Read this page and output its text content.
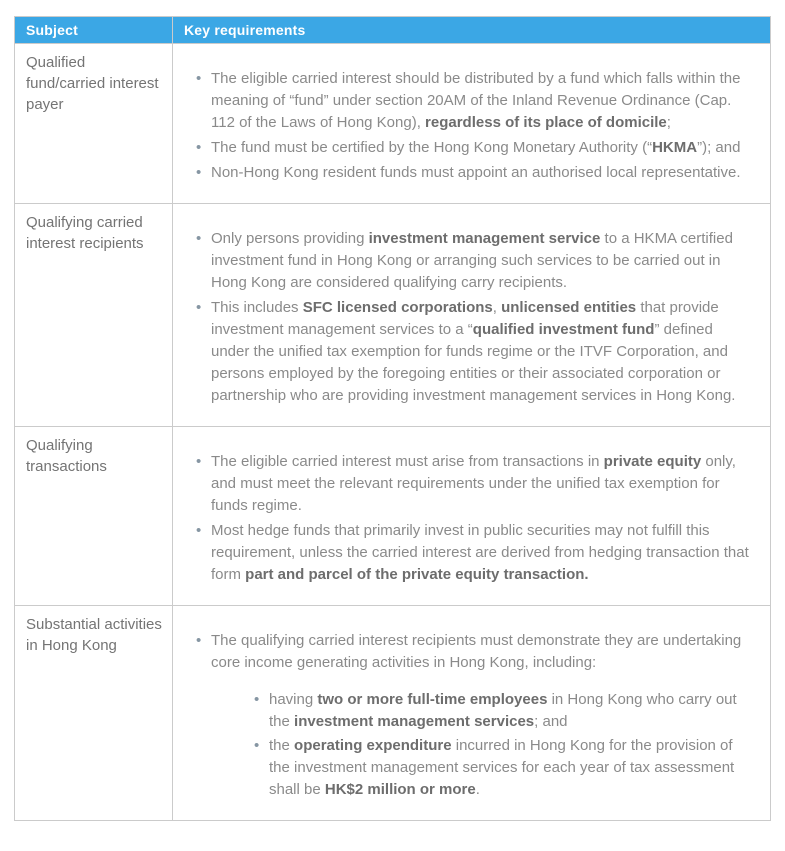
Subject	Key requirements
Qualified fund/carried interest payer	
• The eligible carried interest should be distributed by a fund which falls within the meaning of “fund” under section 20AM of the Inland Revenue Ordinance (Cap. 112 of the Laws of Hong Kong), regardless of its place of domicile;
• The fund must be certified by the Hong Kong Monetary Authority (“HKMA”); and
• Non-Hong Kong resident funds must appoint an authorised local representative.

Qualifying carried interest recipients	
•Only persons providing investment management service to a HKMA certified investment fund in Hong Kong or arranging such services to be carried out in Hong Kong are considered qualifying carry recipients.
• This includes SFC licensed corporations, unlicensed entities that provide investment management services to a “qualified investment fund” defined under the unified tax exemption for funds regime or the ITVF Corporation, and persons employed by the foregoing entities or their associated corporation or partnership who are providing investment management services in Hong Kong.

Qualifying transactions	
•The eligible carried interest must arise from transactions in private equity only, and must meet the relevant requirements under the unified tax exemption for funds regime.
• Most hedge funds that primarily invest in public securities may not fulfill this requirement, unless the carried interest are derived from hedging transaction that form part and parcel of the private equity transaction.

Substantial activities in Hong Kong	
•The qualifying carried interest recipients must demonstrate they are undertaking core income generating activities in Hong Kong, including:
• having two or more full-time employees in Hong Kong who carry out the investment management services; and
• the operating expenditure incurred in Hong Kong for the provision of the investment management services for each year of tax assessment shall be HK$2 million or more.
